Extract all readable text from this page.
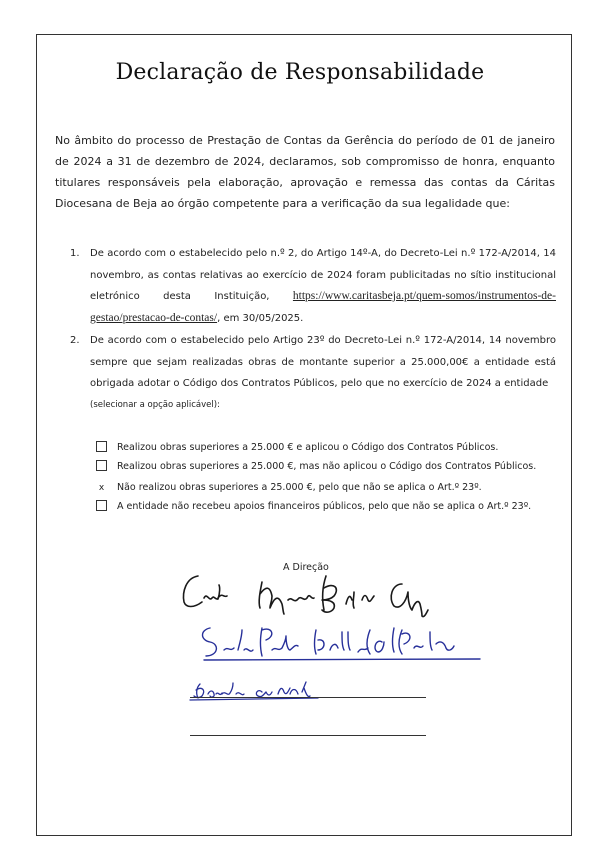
Declaração de Responsabilidade
No âmbito do processo de Prestação de Contas da Gerência do período de 01 de janeiro de 2024 a 31 de dezembro de 2024, declaramos, sob compromisso de honra, enquanto titulares responsáveis pela elaboração, aprovação e remessa das contas da Cáritas Diocesana de Beja ao órgão competente para a verificação da sua legalidade que:
1. De acordo com o estabelecido pelo n.º 2, do Artigo 14º-A, do Decreto-Lei n.º 172-A/2014, 14 novembro, as contas relativas ao exercício de 2024 foram publicitadas no sítio institucional eletrónico desta Instituição, https://www.caritasbeja.pt/quem-somos/instrumentos-de-gestao/prestacao-de-contas/, em 30/05/2025.
2. De acordo com o estabelecido pelo Artigo 23º do Decreto-Lei n.º 172-A/2014, 14 novembro sempre que sejam realizadas obras de montante superior a 25.000,00€ a entidade está obrigada adotar o Código dos Contratos Públicos, pelo que no exercício de 2024 a entidade
(selecionar a opção aplicável):
Realizou obras superiores a 25.000 € e aplicou o Código dos Contratos Públicos.
Realizou obras superiores a 25.000 €, mas não aplicou o Código dos Contratos Públicos.
x Não realizou obras superiores a 25.000 €, pelo que não se aplica o Art.º 23º.
A entidade não recebeu apoios financeiros públicos, pelo que não se aplica o Art.º 23º.
A Direção
